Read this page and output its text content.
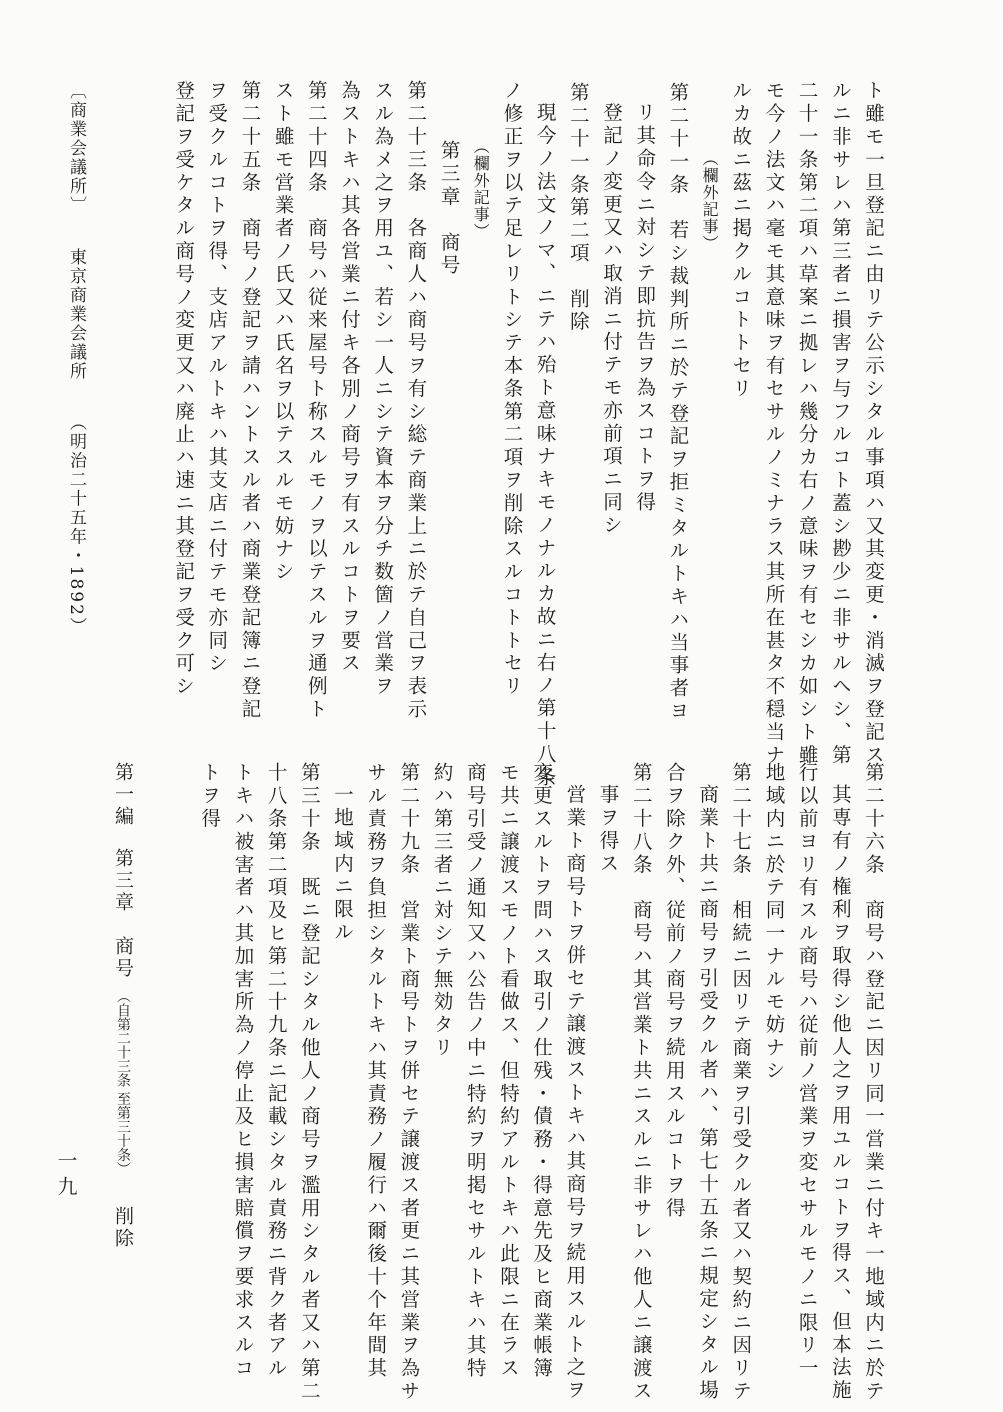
ト雖モ一旦登記ニ由リテ公示シタル事項ハ又其変更・消滅ヲ登記ス

ルニ非サレハ第三者ニ損害ヲ与フルコト蓋シ尠少ニ非サルヘシ、第

二十一条第二項ハ草案ニ拠レハ幾分カ右ノ意味ヲ有セシカ如シト雖

モ今ノ法文ハ毫モ其意味ヲ有セサルノミナラス其所在甚タ不穏当ナ

ルカ故ニ茲ニ掲クルコトトセリ

（欄外記事）

第二十一条　若シ裁判所ニ於テ登記ヲ拒ミタルトキハ当事者ヨ

リ其命令ニ対シテ即抗告ヲ為スコトヲ得

登記ノ変更又ハ取消ニ付テモ亦前項ニ同シ

第二十一条第二項　削除

現今ノ法文ノマ、ニテハ殆ト意味ナキモノナルカ故ニ右ノ第十八条

ノ修正ヲ以テ足レリトシテ本条第二項ヲ削除スルコトトセリ

（欄外記事）

第三章　商号

第二十三条　各商人ハ商号ヲ有シ総テ商業上ニ於テ自己ヲ表示

スル為メ之ヲ用ユ、若シ一人ニシテ資本ヲ分チ数箇ノ営業ヲ

為ストキハ其各営業ニ付キ各別ノ商号ヲ有スルコトヲ要ス

第二十四条　商号ハ従来屋号ト称スルモノヲ以テスルヲ通例ト

スト雖モ営業者ノ氏又ハ氏名ヲ以テスルモ妨ナシ

第二十五条　商号ノ登記ヲ請ハントスル者ハ商業登記簿ニ登記

ヲ受クルコトヲ得、支店アルトキハ其支店ニ付テモ亦同シ

登記ヲ受ケタル商号ノ変更又ハ廃止ハ速ニ其登記ヲ受ク可シ

〔商業会議所〕  東京商業会議所  （明治二十五年・1892）

第二十六条　商号ハ登記ニ因リ同一営業ニ付キ一地域内ニ於テ

其専有ノ権利ヲ取得シ他人之ヲ用ユルコトヲ得ス、但本法施

行以前ヨリ有スル商号ハ従前ノ営業ヲ変セサルモノニ限リ一

地域内ニ於テ同一ナルモ妨ナシ

第二十七条　相続ニ因リテ商業ヲ引受クル者又ハ契約ニ因リテ

商業ト共ニ商号ヲ引受クル者ハ、第七十五条ニ規定シタル場

合ヲ除ク外、従前ノ商号ヲ続用スルコトヲ得

第二十八条　商号ハ其営業ト共ニスルニ非サレハ他人ニ譲渡ス

事ヲ得ス

営業ト商号トヲ併セテ譲渡ストキハ其商号ヲ続用スルト之ヲ

変更スルトヲ問ハス取引ノ仕残・債務・得意先及ヒ商業帳簿

モ共ニ譲渡スモノト看做ス、但特約アルトキハ此限ニ在ラス

商号引受ノ通知又ハ公告ノ中ニ特約ヲ明掲セサルトキハ其特

約ハ第三者ニ対シテ無効タリ

第二十九条　営業ト商号トヲ併セテ譲渡ス者更ニ其営業ヲ為サ

サル責務ヲ負担シタルトキハ其責務ノ履行ハ爾後十个年間其

一地域内ニ限ル

第三十条　既ニ登記シタル他人ノ商号ヲ濫用シタル者又ハ第二

十八条第二項及ヒ第二十九条ニ記載シタル責務ニ背ク者アル

トキハ被害者ハ其加害所為ノ停止及ヒ損害賠償ヲ要求スルコ

トヲ得

第一編
第三章　商号 （自第二十三条 至第三十条）  削除
一九
